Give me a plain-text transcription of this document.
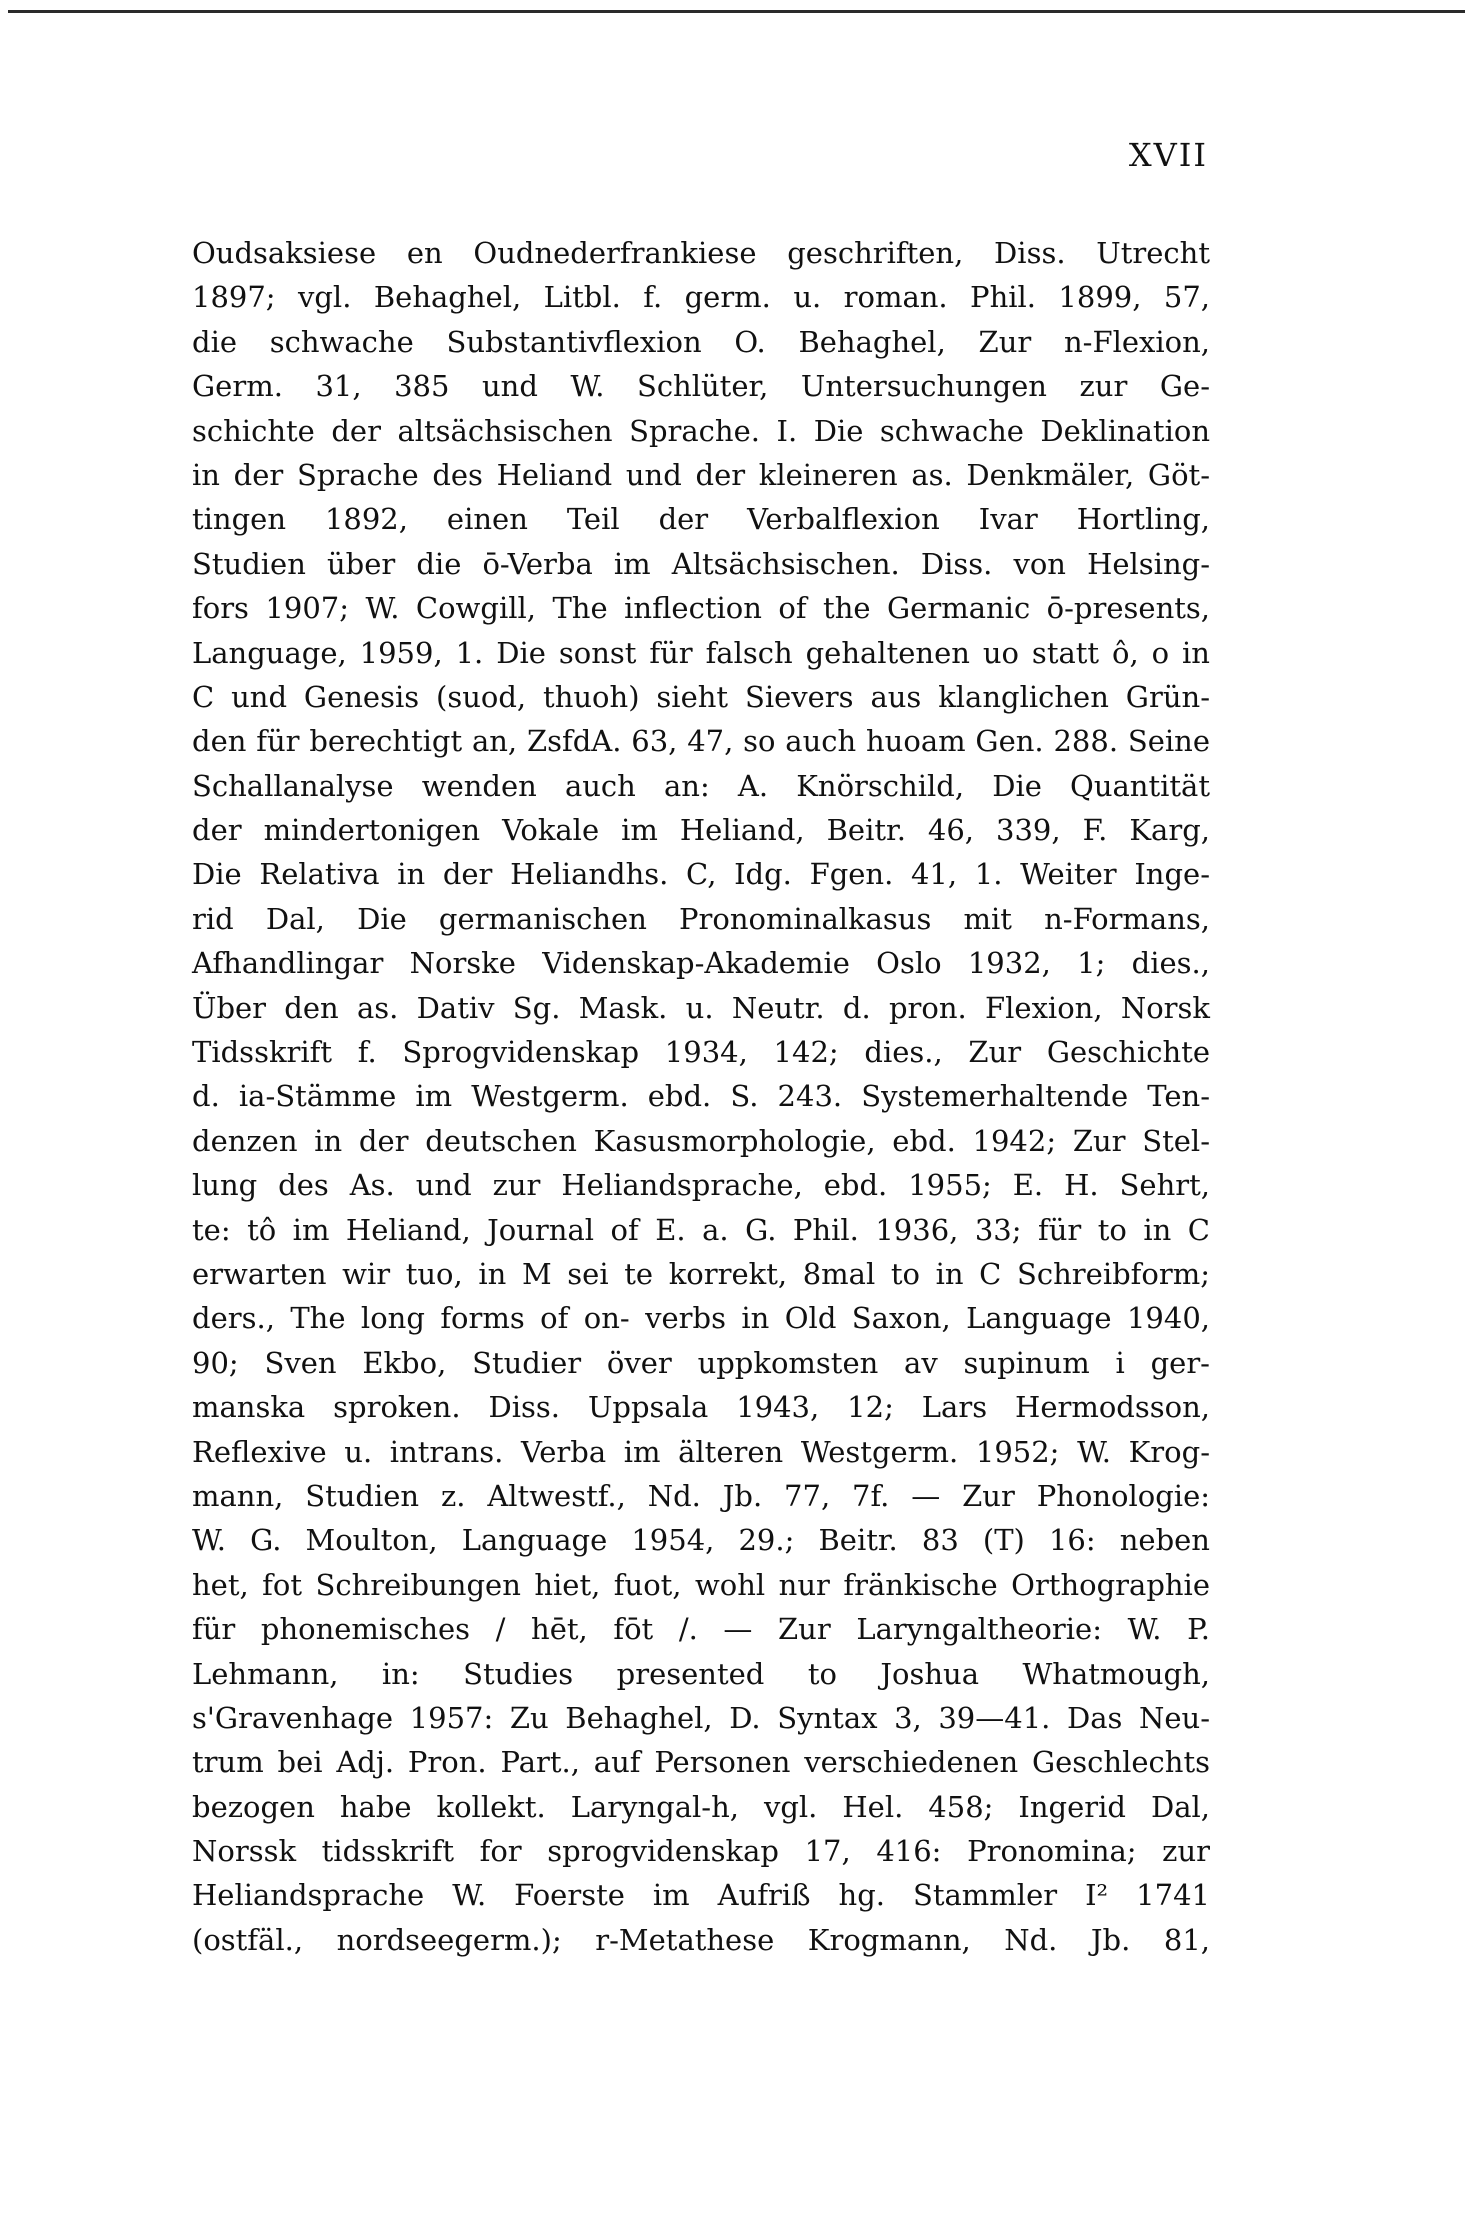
XVII
Oudsaksiese en Oudnederfrankiese geschriften, Diss. Utrecht
1897; vgl. Behaghel, Litbl. f. germ. u. roman. Phil. 1899, 57,
die schwache Substantivflexion O. Behaghel, Zur n-Flexion,
Germ. 31, 385 und W. Schlüter, Untersuchungen zur Ge-
schichte der altsächsischen Sprache. I. Die schwache Deklination
in der Sprache des Heliand und der kleineren as. Denkmäler, Göt-
tingen 1892, einen Teil der Verbalflexion Ivar Hortling,
Studien über die ō-Verba im Altsächsischen. Diss. von Helsing-
fors 1907; W. Cowgill, The inflection of the Germanic ō-presents,
Language, 1959, 1. Die sonst für falsch gehaltenen uo statt ô, o in
C und Genesis (suod, thuoh) sieht Sievers aus klanglichen Grün-
den für berechtigt an, ZsfdA. 63, 47, so auch huoam Gen. 288. Seine
Schallanalyse wenden auch an: A. Knörschild, Die Quantität
der mindertonigen Vokale im Heliand, Beitr. 46, 339, F. Karg,
Die Relativa in der Heliandhs. C, Idg. Fgen. 41, 1. Weiter Inge-
rid Dal, Die germanischen Pronominalkasus mit n-Formans,
Afhandlingar Norske Videnskap-Akademie Oslo 1932, 1; dies.,
Über den as. Dativ Sg. Mask. u. Neutr. d. pron. Flexion, Norsk
Tidsskrift f. Sprogvidenskap 1934, 142; dies., Zur Geschichte
d. ia-Stämme im Westgerm. ebd. S. 243. Systemerhaltende Ten-
denzen in der deutschen Kasusmorphologie, ebd. 1942; Zur Stel-
lung des As. und zur Heliandsprache, ebd. 1955; E. H. Sehrt,
te: tô im Heliand, Journal of E. a. G. Phil. 1936, 33; für to in C
erwarten wir tuo, in M sei te korrekt, 8mal to in C Schreibform;
ders., The long forms of on- verbs in Old Saxon, Language 1940,
90; Sven Ekbo, Studier över uppkomsten av supinum i ger-
manska sproken. Diss. Uppsala 1943, 12; Lars Hermodsson,
Reflexive u. intrans. Verba im älteren Westgerm. 1952; W. Krog-
mann, Studien z. Altwestf., Nd. Jb. 77, 7f. — Zur Phonologie:
W. G. Moulton, Language 1954, 29.; Beitr. 83 (T) 16: neben
het, fot Schreibungen hiet, fuot, wohl nur fränkische Orthographie
für phonemisches / hēt, fōt /. — Zur Laryngaltheorie: W. P.
Lehmann, in: Studies presented to Joshua Whatmough,
s'Gravenhage 1957: Zu Behaghel, D. Syntax 3, 39—41. Das Neu-
trum bei Adj. Pron. Part., auf Personen verschiedenen Geschlechts
bezogen habe kollekt. Laryngal-h, vgl. Hel. 458; Ingerid Dal,
Norssk tidsskrift for sprogvidenskap 17, 416: Pronomina; zur
Heliandsprache W. Foerste im Aufriß hg. Stammler I² 1741
(ostfäl., nordseegerm.); r-Metathese Krogmann, Nd. Jb. 81,
